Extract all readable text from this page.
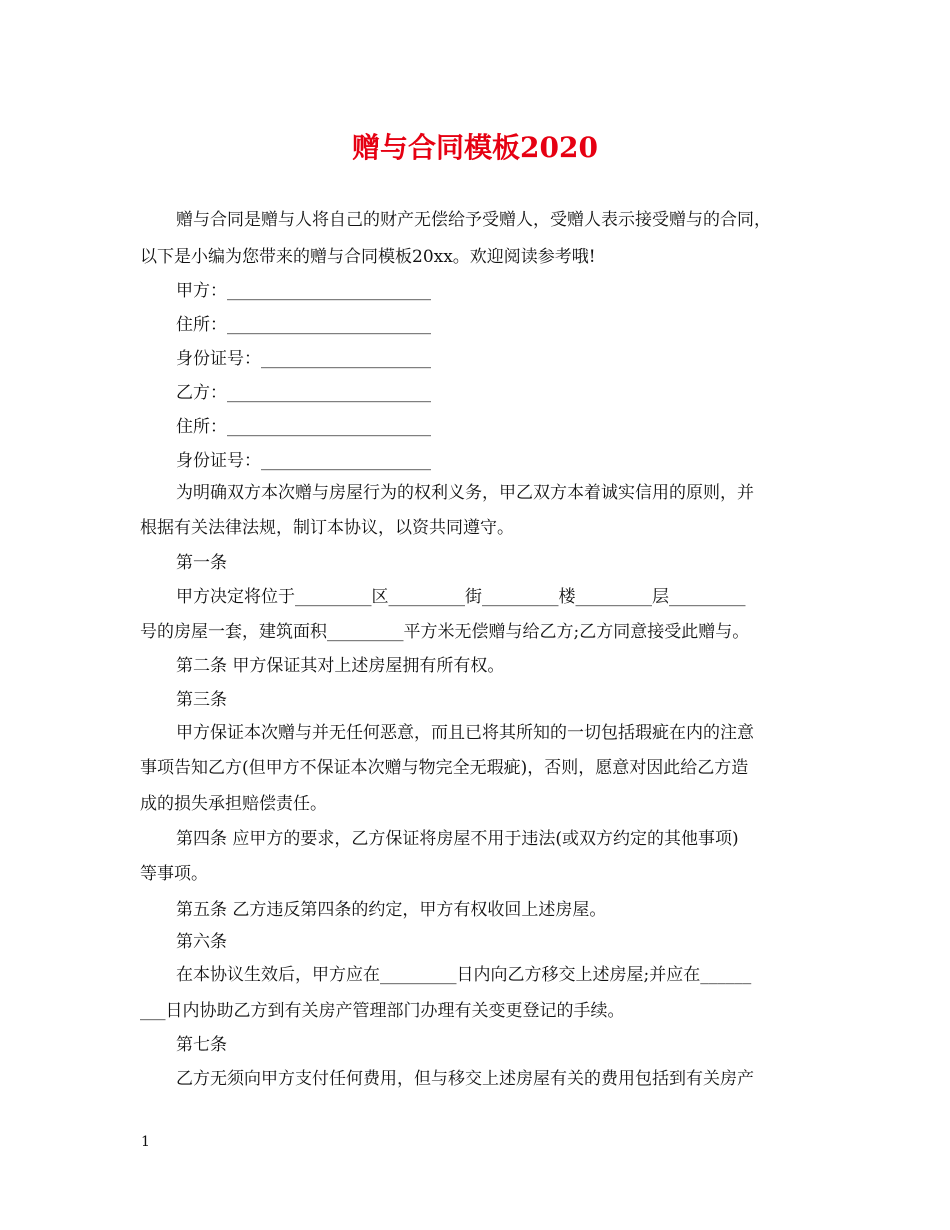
赠与合同模板2020
赠与合同是赠与人将自己的财产无偿给予受赠人，受赠人表示接受赠与的合同，
以下是小编为您带来的赠与合同模板20xx。欢迎阅读参考哦!
甲方：________________________
住所：________________________
身份证号：____________________
乙方：________________________
住所：________________________
身份证号：____________________
为明确双方本次赠与房屋行为的权利义务，甲乙双方本着诚实信用的原则，并
根据有关法律法规，制订本协议，以资共同遵守。
第一条
甲方决定将位于_________区_________街_________楼_________层_________
号的房屋一套，建筑面积_________平方米无偿赠与给乙方;乙方同意接受此赠与。
第二条 甲方保证其对上述房屋拥有所有权。
第三条
甲方保证本次赠与并无任何恶意，而且已将其所知的一切包括瑕疵在内的注意
事项告知乙方(但甲方不保证本次赠与物完全无瑕疵)，否则，愿意对因此给乙方造
成的损失承担赔偿责任。
第四条 应甲方的要求，乙方保证将房屋不用于违法(或双方约定的其他事项)
等事项。
第五条 乙方违反第四条的约定，甲方有权收回上述房屋。
第六条
在本协议生效后，甲方应在_________日内向乙方移交上述房屋;并应在______
___日内协助乙方到有关房产管理部门办理有关变更登记的手续。
第七条
乙方无须向甲方支付任何费用，但与移交上述房屋有关的费用包括到有关房产
1
